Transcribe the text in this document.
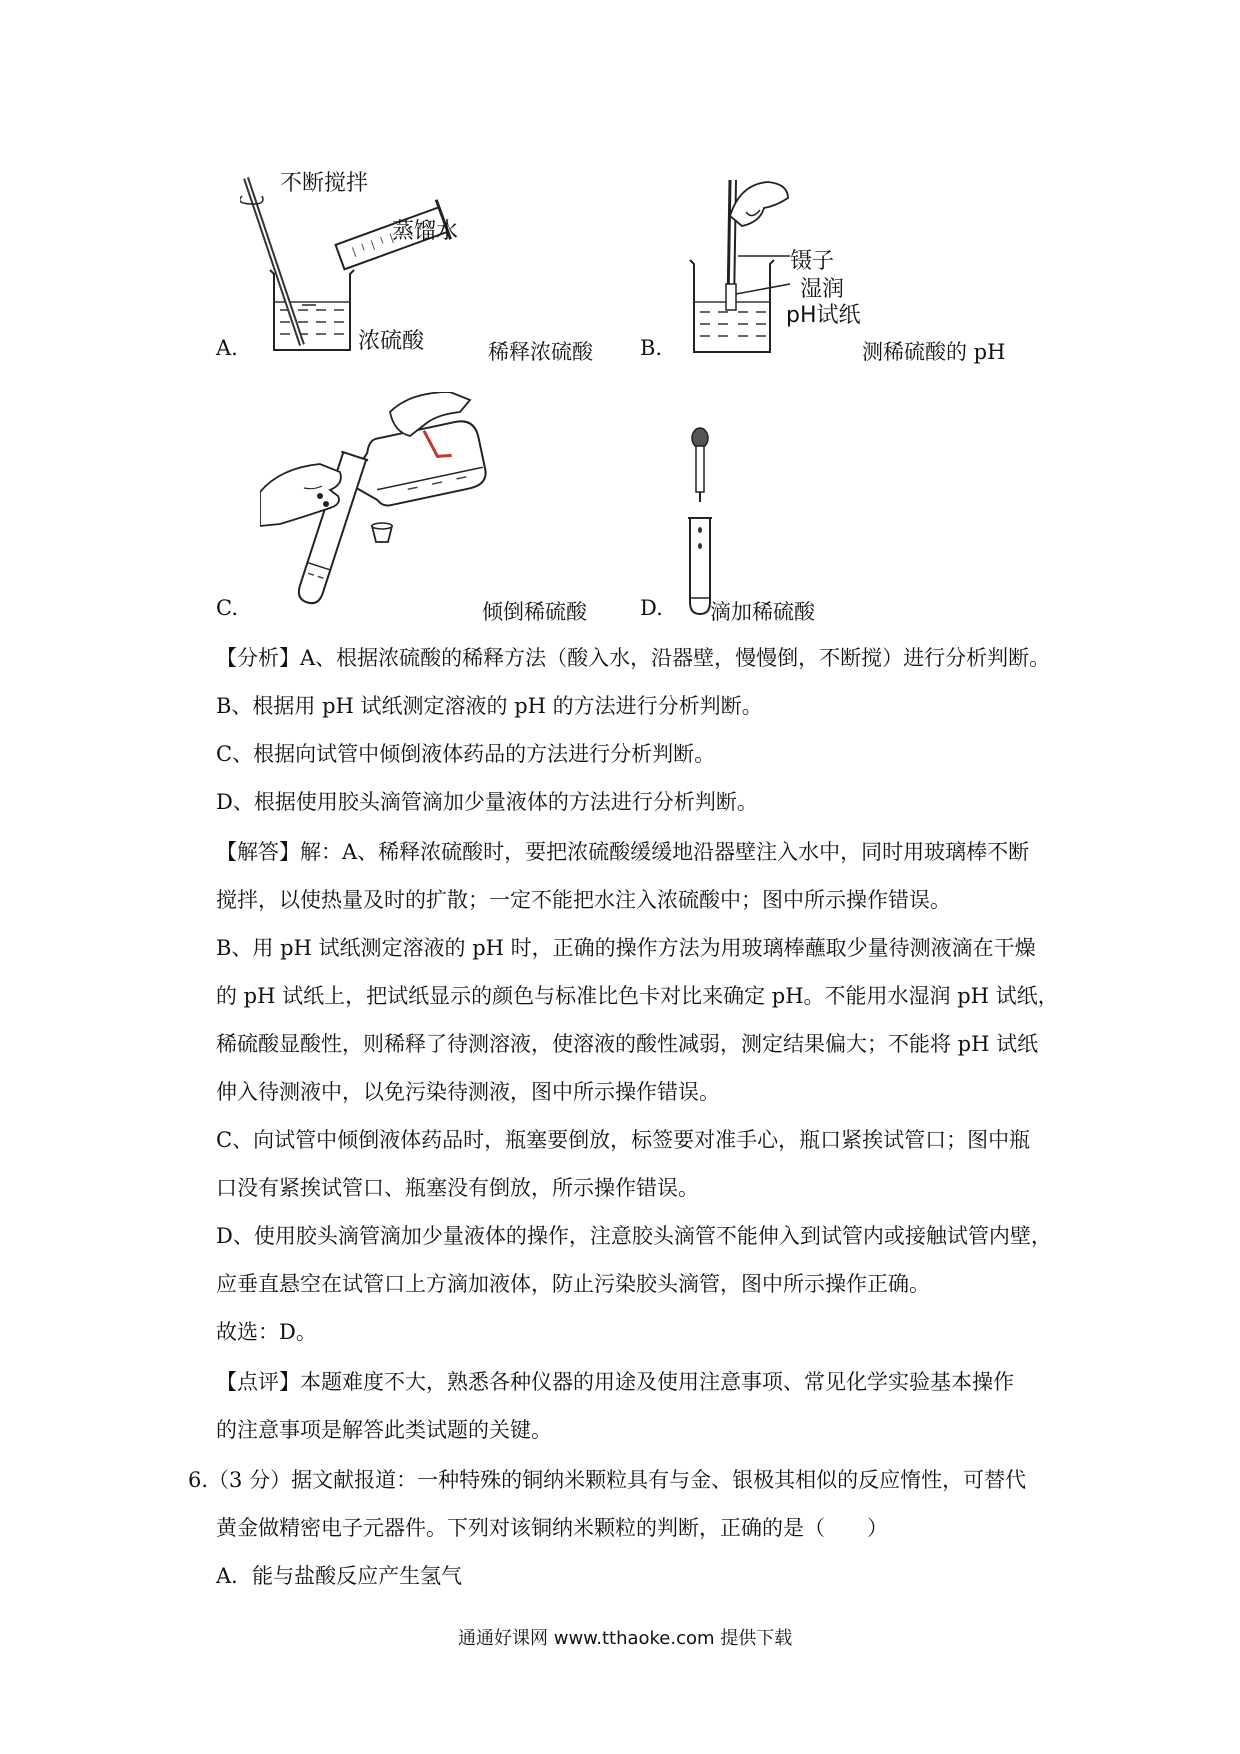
不断搅拌
蒸馏水
浓硫酸
A.	稀释浓硫酸
镊子
湿润
pH试纸
B.	测稀硫酸的 pH
C.	倾倒稀硫酸	D. 滴加稀硫酸
【分析】A、根据浓硫酸的稀释方法（酸入水，沿器壁，慢慢倒，不断搅）进行分析判断。
B、根据用 pH 试纸测定溶液的 pH 的方法进行分析判断。
C、根据向试管中倾倒液体药品的方法进行分析判断。
D、根据使用胶头滴管滴加少量液体的方法进行分析判断。
【解答】解：A、稀释浓硫酸时，要把浓硫酸缓缓地沿器壁注入水中，同时用玻璃棒不断
搅拌，以使热量及时的扩散；一定不能把水注入浓硫酸中；图中所示操作错误。
B、用 pH 试纸测定溶液的 pH 时，正确的操作方法为用玻璃棒蘸取少量待测液滴在干燥
的 pH 试纸上，把试纸显示的颜色与标准比色卡对比来确定 pH。不能用水湿润 pH 试纸，
稀硫酸显酸性，则稀释了待测溶液，使溶液的酸性减弱，测定结果偏大；不能将 pH 试纸
伸入待测液中，以免污染待测液，图中所示操作错误。
C、向试管中倾倒液体药品时，瓶塞要倒放，标签要对准手心，瓶口紧挨试管口；图中瓶
口没有紧挨试管口、瓶塞没有倒放，所示操作错误。
D、使用胶头滴管滴加少量液体的操作，注意胶头滴管不能伸入到试管内或接触试管内壁，
应垂直悬空在试管口上方滴加液体，防止污染胶头滴管，图中所示操作正确。
故选：D。
【点评】本题难度不大，熟悉各种仪器的用途及使用注意事项、常见化学实验基本操作
的注意事项是解答此类试题的关键。
6.（3 分）据文献报道：一种特殊的铜纳米颗粒具有与金、银极其相似的反应惰性，可替代
黄金做精密电子元器件。下列对该铜纳米颗粒的判断，正确的是（　　）
A．能与盐酸反应产生氢气
通通好课网 www.tthaoke.com 提供下载
